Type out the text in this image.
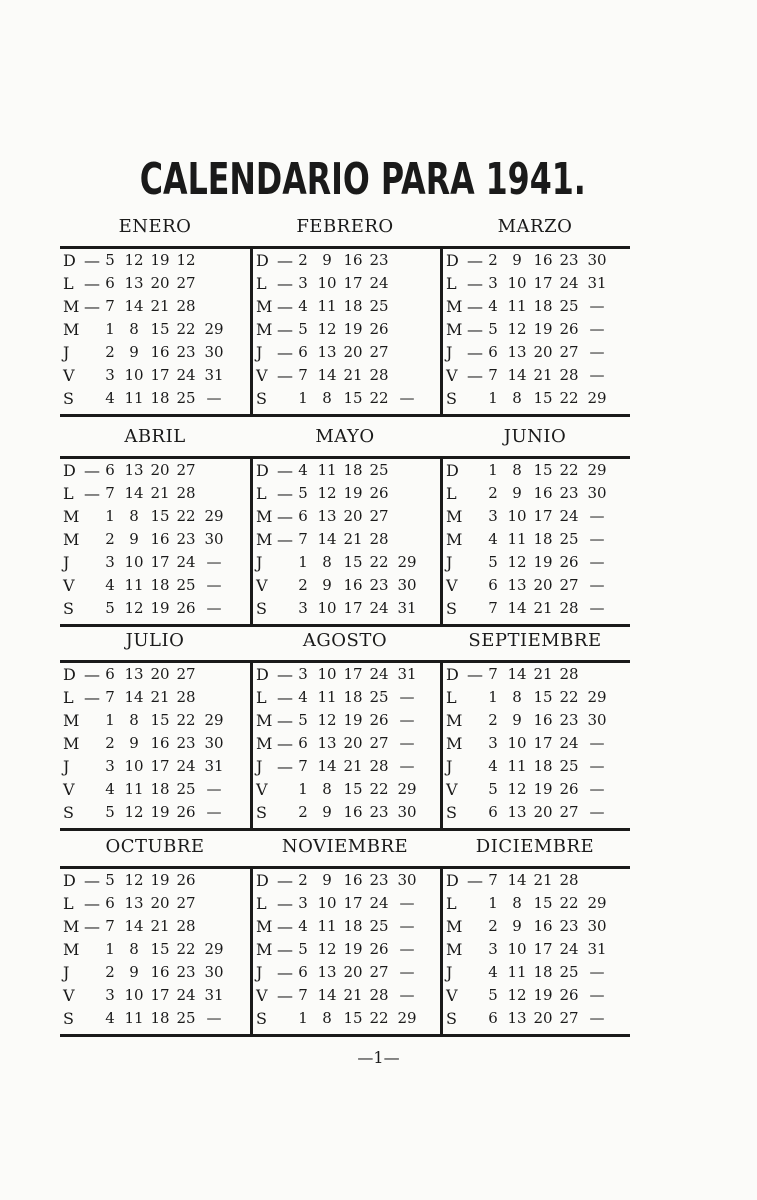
CALENDARIO PARA 1941.
ENERO	FEBRERO	MARZO
D — 5 12 19 12
L — 6 13 20 27
M — 7 14 21 28
M	1 8 15 22 29
J	2 9 16 23 30
V	3 10 17 24 31
S	4 11 18 25 —
D — 2 9 16 23
L — 3 10 17 24
M — 4 11 18 25
M — 5 12 19 26
J — 6 13 20 27
V — 7 14 21 28
S	1 8 15 22 —
D — 2 9 16 23 30
L — 3 10 17 24 31
M — 4 11 18 25 —
M — 5 12 19 26 —
J — 6 13 20 27 —
V — 7 14 21 28 —
S	1 8 15 22 29
ABRIL	MAYO	JUNIO
D — 6 13 20 27
L — 7 14 21 28
M	1 8 15 22 29
M	2 9 16 23 30
J	3 10 17 24 —
V	4 11 18 25 —
S	5 12 19 26 —
D — 4 11 18 25
L — 5 12 19 26
M — 6 13 20 27
M — 7 14 21 28
J	1 8 15 22 29
V	2 9 16 23 30
S	3 10 17 24 31
D	1 8 15 22 29
L	2 9 16 23 30
M	3 10 17 24 —
M	4 11 18 25 —
J	5 12 19 26 —
V	6 13 20 27 —
S	7 14 21 28 —
JULIO	AGOSTO	SEPTIEMBRE
D — 6 13 20 27
L — 7 14 21 28
M	1 8 15 22 29
M	2 9 16 23 30
J	3 10 17 24 31
V	4 11 18 25 —
S	5 12 19 26 —
D — 3 10 17 24 31
L — 4 11 18 25 —
M — 5 12 19 26 —
M — 6 13 20 27 —
J — 7 14 21 28 —
V	1 8 15 22 29
S	2 9 16 23 30
D — 7 14 21 28
L	1 8 15 22 29
M	2 9 16 23 30
M	3 10 17 24 —
J	4 11 18 25 —
V	5 12 19 26 —
S	6 13 20 27 —
OCTUBRE	NOVIEMBRE	DICIEMBRE
D — 5 12 19 26
L — 6 13 20 27
M — 7 14 21 28
M	1 8 15 22 29
J	2 9 16 23 30
V	3 10 17 24 31
S	4 11 18 25 —
D — 2 9 16 23 30
L — 3 10 17 24 —
M — 4 11 18 25 —
M — 5 12 19 26 —
J — 6 13 20 27 —
V — 7 14 21 28 —
S	1 8 15 22 29
D — 7 14 21 28
L	1 8 15 22 29
M	2 9 16 23 30
M	3 10 17 24 31
J	4 11 18 25 —
V	5 12 19 26 —
S	6 13 20 27 —
—1—
